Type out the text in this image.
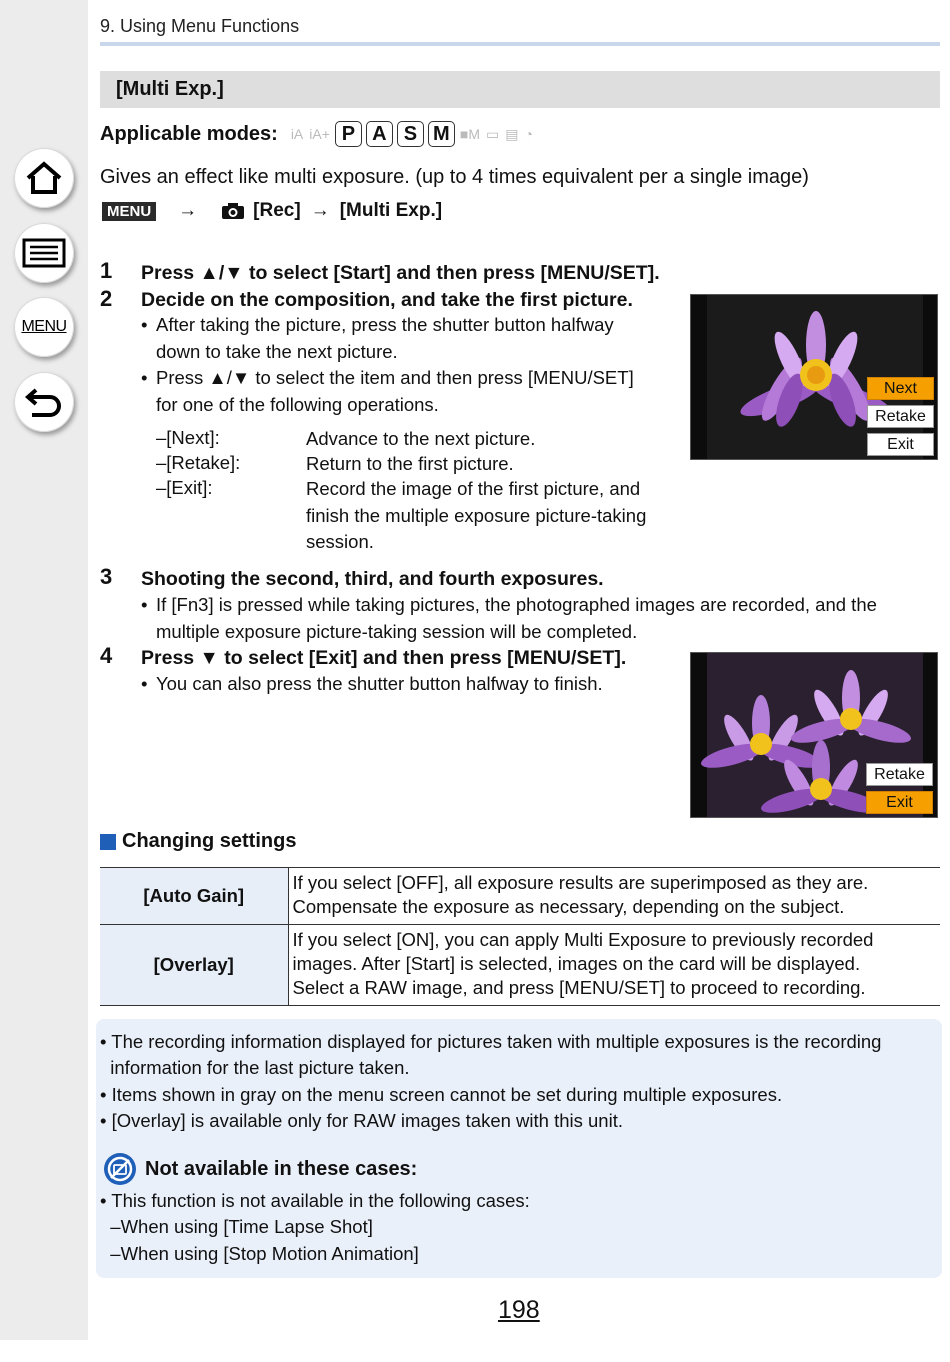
MENU
9. Using Menu Functions
[Multi Exp.]
Applicable modes: iA iA+ P A S M ■M ▭ ▤ ◔
Gives an effect like multi exposure. (up to 4 times equivalent per a single image)
MENU →	[Rec] → [Multi Exp.]
1 Press ▲/▼ to select [Start] and then press [MENU/SET].
2 Decide on the composition, and take the first picture.
• After taking the picture, press the shutter button halfway
down to take the next picture.
• Press ▲/▼ to select the item and then press [MENU/SET]
for one of the following operations.
–[Next]:	Advance to the next picture.
–[Retake]:	Return to the first picture.
–[Exit]:	Record the image of the first picture, and finish the multiple exposure picture-taking session.
Next
Retake
Exit
3 Shooting the second, third, and fourth exposures.
• If [Fn3] is pressed while taking pictures, the photographed images are recorded, and the
multiple exposure picture-taking session will be completed.
4 Press ▼ to select [Exit] and then press [MENU/SET].
• You can also press the shutter button halfway to finish.
Retake
Exit
Changing settings
[Auto Gain]	If you select [OFF], all exposure results are superimposed as they are.
Compensate the exposure as necessary, depending on the subject.

[Overlay]	If you select [ON], you can apply Multi Exposure to previously recorded
images. After [Start] is selected, images on the card will be displayed.
Select a RAW image, and press [MENU/SET] to proceed to recording.
• The recording information displayed for pictures taken with multiple exposures is the recording
information for the last picture taken.
• Items shown in gray on the menu screen cannot be set during multiple exposures.
• [Overlay] is available only for RAW images taken with this unit.
Not available in these cases:
• This function is not available in the following cases:
–When using [Time Lapse Shot]
–When using [Stop Motion Animation]
198
